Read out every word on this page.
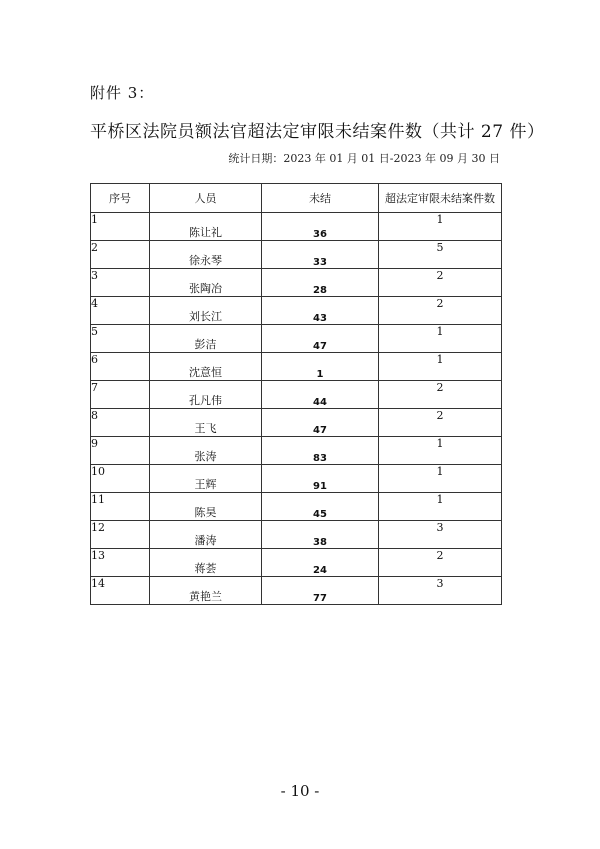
附件 3：
平桥区法院员额法官超法定审限未结案件数（共计 27 件）
统计日期：2023 年 01 月 01 日-2023 年 09 月 30 日
序号	人员	未结	超法定审限未结案件数
1	陈让礼	36	1
2	徐永琴	33	5
3	张陶冶	28	2
4	刘长江	43	2
5	彭洁	47	1
6	沈意恒	1	1
7	孔凡伟	44	2
8	王飞	47	2
9	张涛	83	1
10	王辉	91	1
11	陈昊	45	1
12	潘涛	38	3
13	蒋荟	24	2
14	黄艳兰	77	3
- 10 -
